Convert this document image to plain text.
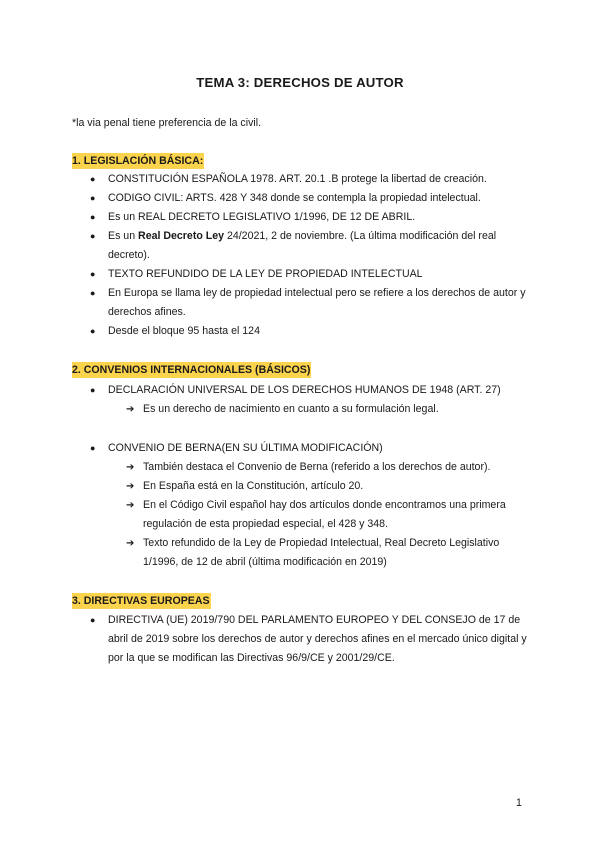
TEMA 3: DERECHOS DE AUTOR
*la via penal tiene preferencia de la civil.
1. LEGISLACIÓN BÁSICA:
● CONSTITUCIÓN ESPAÑOLA 1978. ART. 20.1 .B protege la libertad de creación.
● CODIGO CIVIL: ARTS. 428 Y 348 donde se contempla la propiedad intelectual.
● Es un REAL DECRETO LEGISLATIVO 1/1996, DE 12 DE ABRIL.
● Es un Real Decreto Ley 24/2021, 2 de noviembre. (La última modificación del real decreto).
● TEXTO REFUNDIDO DE LA LEY DE PROPIEDAD INTELECTUAL
● En Europa se llama ley de propiedad intelectual pero se refiere a los derechos de autor y derechos afines.
● Desde el bloque 95 hasta el 124
2. CONVENIOS INTERNACIONALES (BÁSICOS)
● DECLARACIÓN UNIVERSAL DE LOS DERECHOS HUMANOS DE 1948 (ART. 27)
➔ Es un derecho de nacimiento en cuanto a su formulación legal.
● CONVENIO DE BERNA(EN SU ÚLTIMA MODIFICACIÓN)
➔ También destaca el Convenio de Berna (referido a los derechos de autor).
➔ En España está en la Constitución, artículo 20.
➔ En el Código Civil español hay dos artículos donde encontramos una primera regulación de esta propiedad especial, el 428 y 348.
➔ Texto refundido de la Ley de Propiedad Intelectual, Real Decreto Legislativo 1/1996, de 12 de abril (última modificación en 2019)
3. DIRECTIVAS EUROPEAS
● DIRECTIVA (UE) 2019/790 DEL PARLAMENTO EUROPEO Y DEL CONSEJO de 17 de abril de 2019 sobre los derechos de autor y derechos afines en el mercado único digital y por la que se modifican las Directivas 96/9/CE y 2001/29/CE.
1
